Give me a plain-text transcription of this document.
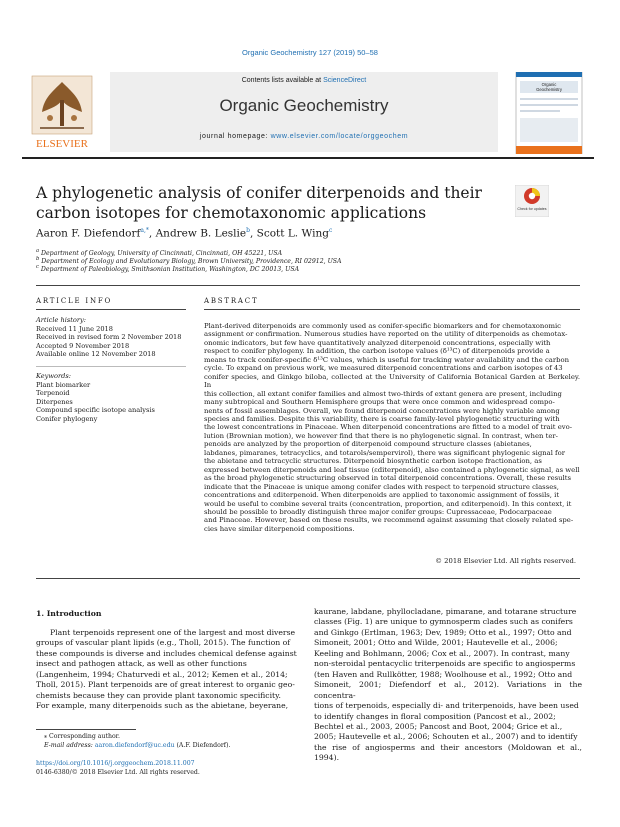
Organic Geochemistry 127 (2019) 50–58
ELSEVIER
Contents lists available at ScienceDirect
Organic Geochemistry
journal homepage: www.elsevier.com/locate/orggeochem
Organic
Geochemistry
A phylogenetic analysis of conifer diterpenoids and their carbon isotopes for chemotaxonomic applications	Check for updates
Aaron F. Diefendorf$^{a,*}$, Andrew B. Leslie$^b$, Scott L. Wing$^c$
$^a$ Department of Geology, University of Cincinnati, Cincinnati, OH 45221, USA
$^b$ Department of Ecology and Evolutionary Biology, Brown University, Providence, RI 02912, USA
$^c$ Department of Paleobiology, Smithsonian Institution, Washington, DC 20013, USA
ARTICLE INFO
Article history:
Received 11 June 2018
Received in revised form 2 November 2018
Accepted 9 November 2018
Available online 12 November 2018
Keywords:
Plant biomarker
Terpenoid
Diterpenes
Compound specific isotope analysis
Conifer phylogeny
ABSTRACT
Plant-derived diterpenoids are commonly used as conifer-specific biomarkers and for chemotaxonomic
assignment or confirmation. Numerous studies have reported on the utility of diterpenoids as chemotax-
onomic indicators, but few have quantitatively analyzed diterpenoid concentrations, especially with
respect to conifer phylogeny. In addition, the carbon isotope values (δ¹³C) of diterpenoids provide a
means to track conifer-specific δ¹³C values, which is useful for tracking water availability and the carbon
cycle. To expand on previous work, we measured diterpenoid concentrations and carbon isotopes of 43
conifer species, and Ginkgo biloba, collected at the University of California Botanical Garden at Berkeley. In
this collection, all extant conifer families and almost two-thirds of extant genera are present, including
many subtropical and Southern Hemisphere groups that were once common and widespread compo-
nents of fossil assemblages. Overall, we found diterpenoid concentrations were highly variable among
species and families. Despite this variability, there is coarse family-level phylogenetic structuring with
the lowest concentrations in Pinaceae. When diterpenoid concentrations are fitted to a model of trait evo-
lution (Brownian motion), we however find that there is no phylogenetic signal. In contrast, when ter-
penoids are analyzed by the proportion of diterpenoid compound structure classes (abietanes,
labdanes, pimaranes, tetracyclics, and totarols/sempervirol), there was significant phylogenic signal for
the abietane and tetracyclic structures. Diterpenoid biosynthetic carbon isotope fractionation, as
expressed between diterpenoids and leaf tissue (εditerpenoid), also contained a phylogenetic signal, as well
as the broad phylogenetic structuring observed in total diterpenoid concentrations. Overall, these results
indicate that the Pinaceae is unique among conifer clades with respect to terpenoid structure classes,
concentrations and εditerpenoid. When diterpenoids are applied to taxonomic assignment of fossils, it
would be useful to combine several traits (concentration, proportion, and εditerpenoid). In this context, it
should be possible to broadly distinguish three major conifer groups: Cupressaceae, Podocarpaceae
and Pinaceae. However, based on these results, we recommend against assuming that closely related spe-
cies have similar diterpenoid compositions.
© 2018 Elsevier Ltd. All rights reserved.
1. Introduction
Plant terpenoids represent one of the largest and most diverse
groups of vascular plant lipids (e.g., Tholl, 2015). The function of
these compounds is diverse and includes chemical defense against
insect and pathogen attack, as well as other functions
(Langenheim, 1994; Chaturvedi et al., 2012; Kemen et al., 2014;
Tholl, 2015). Plant terpenoids are of great interest to organic geo-
chemists because they can provide plant taxonomic specificity.
For example, many diterpenoids such as the abietane, beyerane,
kaurane, labdane, phyllocladane, pimarane, and totarane structure
classes (Fig. 1) are unique to gymnosperm clades such as conifers
and Ginkgo (Ertlman, 1963; Dev, 1989; Otto et al., 1997; Otto and
Simoneit, 2001; Otto and Wilde, 2001; Hautevelle et al., 2006;
Keeling and Bohlmann, 2006; Cox et al., 2007). In contrast, many
non-steroidal pentacyclic triterpenoids are specific to angiosperms
(ten Haven and Rullkötter, 1988; Woolhouse et al., 1992; Otto and
Simoneit, 2001; Diefendorf et al., 2012). Variations in the concentra-
tions of terpenoids, especially di- and triterpenoids, have been used
to identify changes in floral composition (Pancost et al., 2002;
Bechtel et al., 2003, 2005; Pancost and Boot, 2004; Grice et al.,
2005; Hautevelle et al., 2006; Schouten et al., 2007) and to identify
the rise of angiosperms and their ancestors (Moldowan et al., 1994).
⁎ Corresponding author.
E-mail address: aaron.diefendorf@uc.edu (A.F. Diefendorf).
https://doi.org/10.1016/j.orggeochem.2018.11.007
0146-6380/© 2018 Elsevier Ltd. All rights reserved.
